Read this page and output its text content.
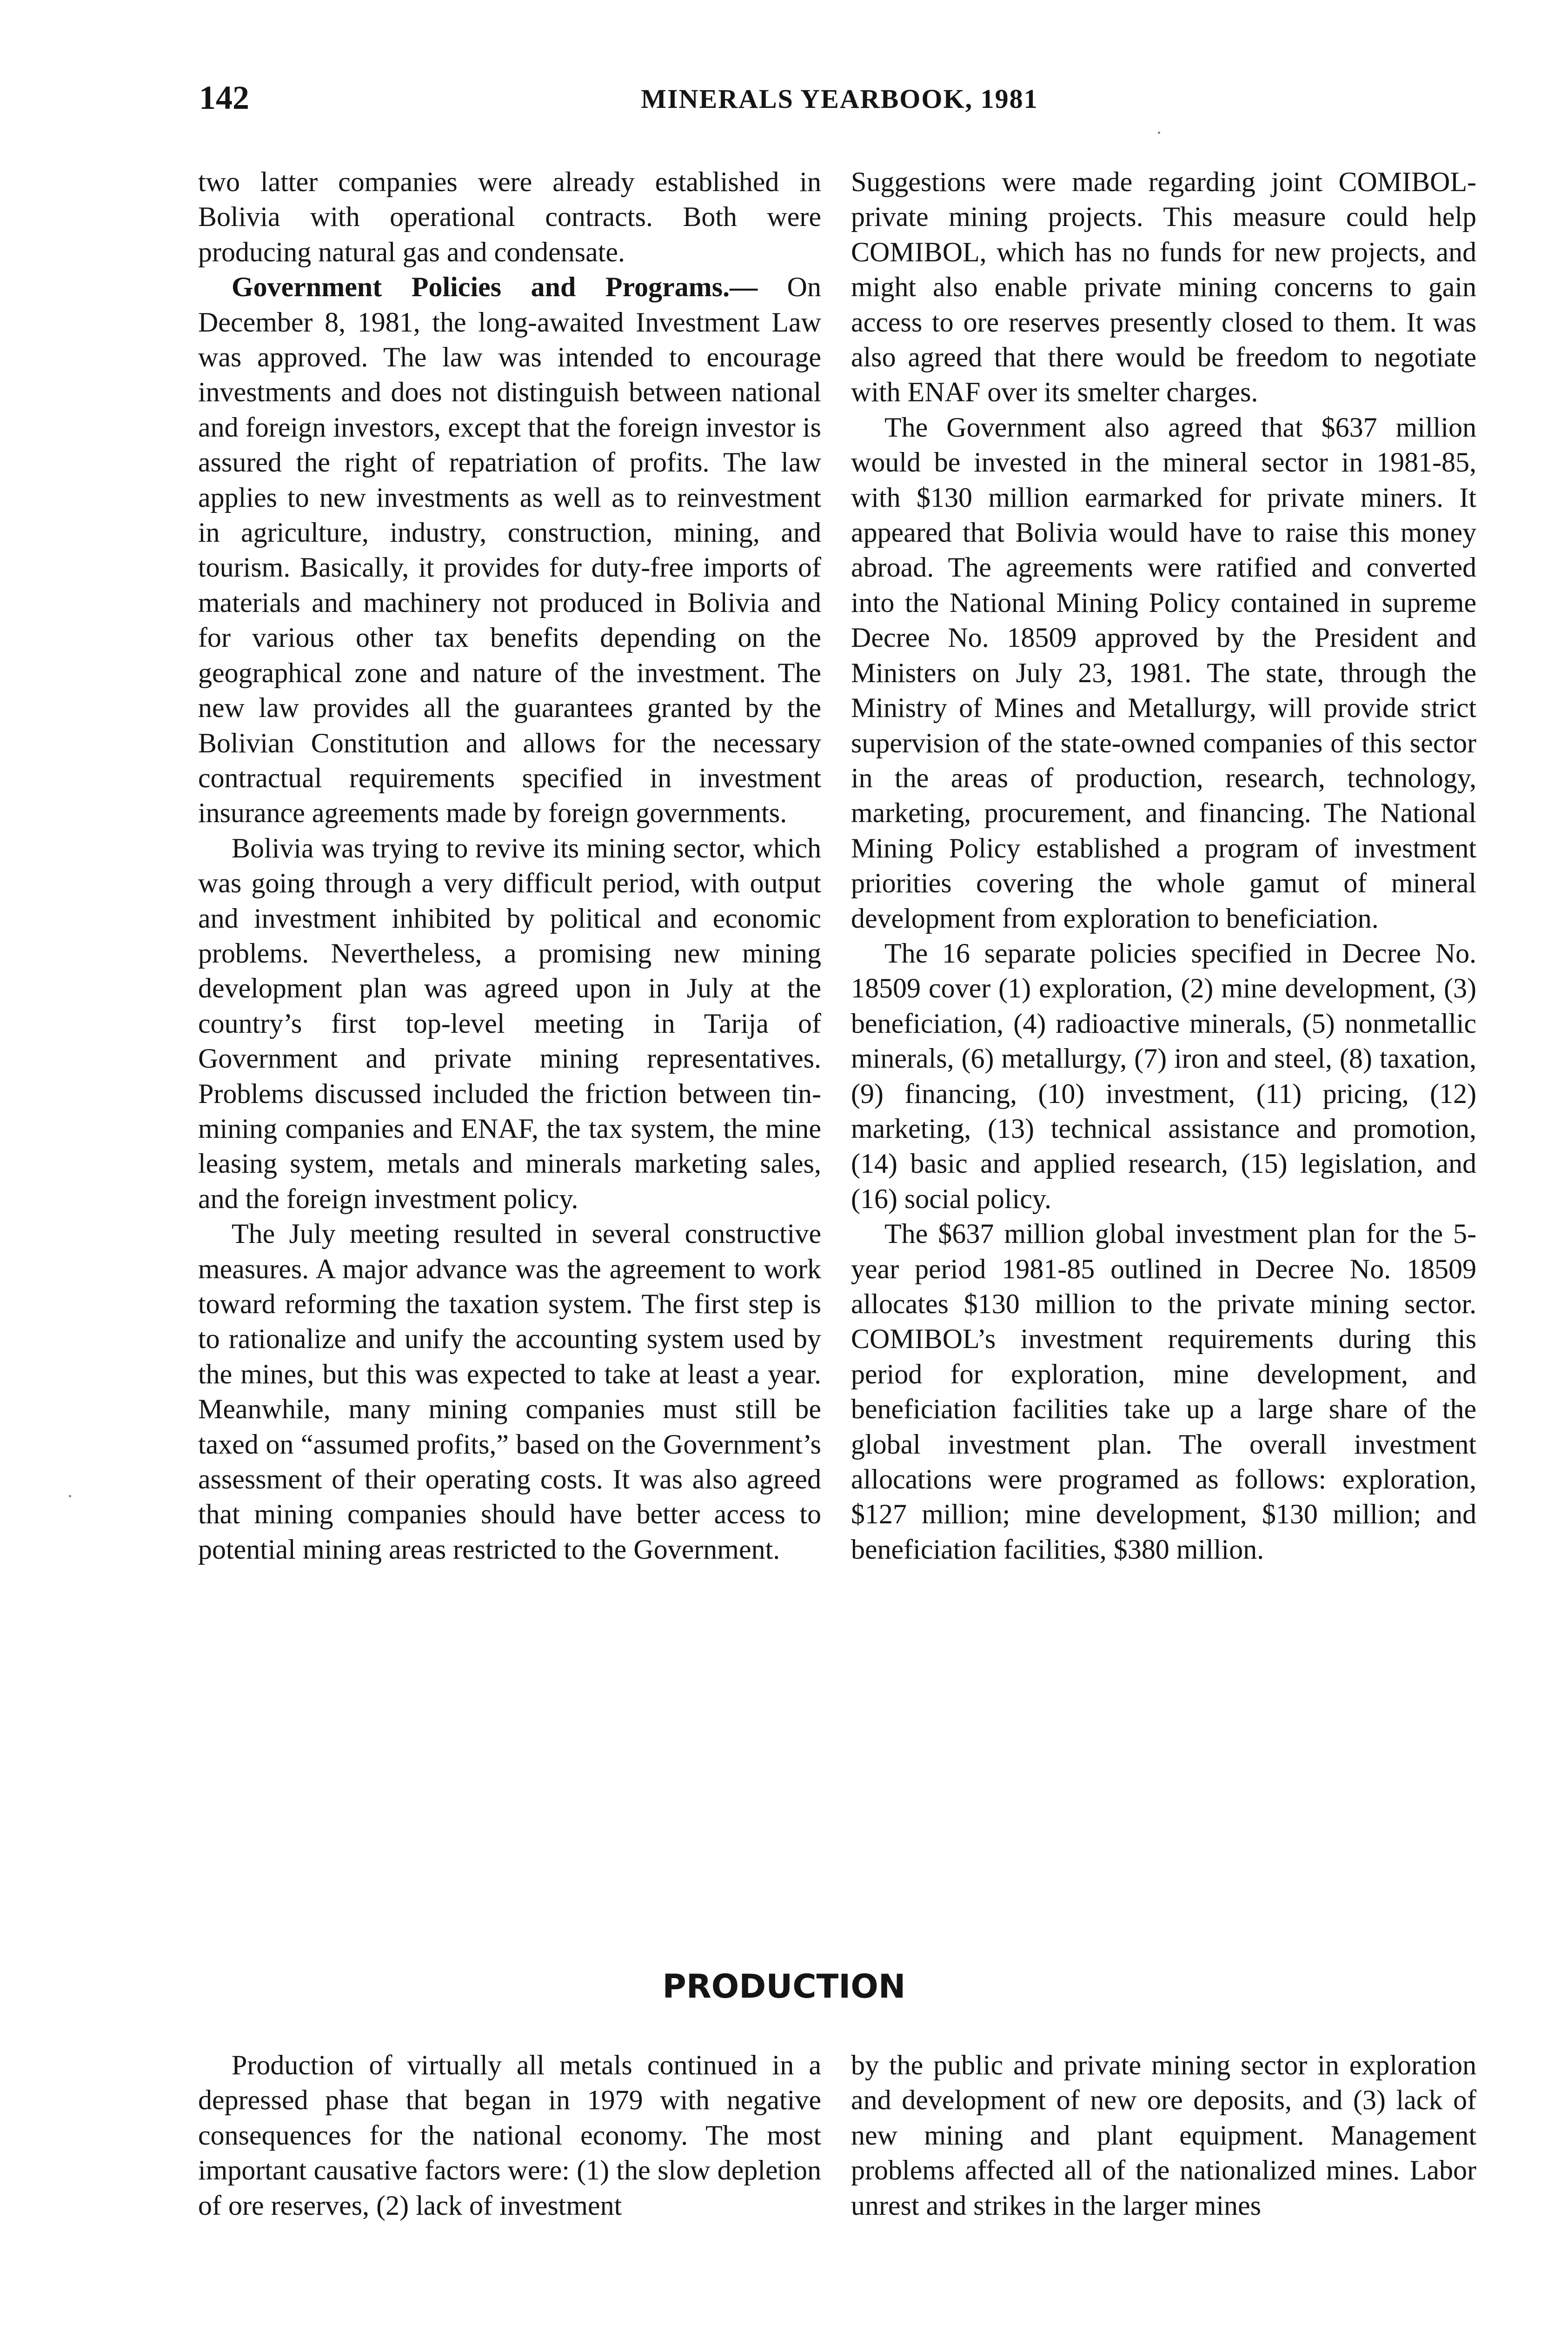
142	MINERALS YEARBOOK, 1981

two latter companies were already established in Bolivia with operational contracts. Both were producing natural gas and condensate.

Government Policies and Programs.— On December 8, 1981, the long-awaited Investment Law was approved. The law was intended to encourage investments and does not distinguish between national and foreign investors, except that the foreign investor is assured the right of repatriation of profits. The law applies to new investments as well as to reinvestment in agriculture, industry, construction, mining, and tourism. Basically, it provides for duty-free imports of materials and machinery not produced in Bolivia and for various other tax benefits depending on the geographical zone and nature of the investment. The new law provides all the guarantees granted by the Bolivian Constitution and allows for the necessary contractual requirements specified in investment insurance agreements made by foreign governments.

Bolivia was trying to revive its mining sector, which was going through a very difficult period, with output and investment inhibited by political and economic problems. Nevertheless, a promising new mining development plan was agreed upon in July at the country’s first top-level meeting in Tarija of Government and private mining representatives. Problems discussed included the friction between tin-mining companies and ENAF, the tax system, the mine leasing system, metals and minerals marketing sales, and the foreign investment policy.

The July meeting resulted in several constructive measures. A major advance was the agreement to work toward reforming the taxation system. The first step is to rationalize and unify the accounting system used by the mines, but this was expected to take at least a year. Meanwhile, many mining companies must still be taxed on “assumed profits,” based on the Government’s assessment of their operating costs. It was also agreed that mining companies should have better access to potential mining areas restricted to the Government.

Suggestions were made regarding joint COMIBOL-private mining projects. This measure could help COMIBOL, which has no funds for new projects, and might also enable private mining concerns to gain access to ore reserves presently closed to them. It was also agreed that there would be freedom to negotiate with ENAF over its smelter charges.

The Government also agreed that $637 million would be invested in the mineral sector in 1981-85, with $130 million earmarked for private miners. It appeared that Bolivia would have to raise this money abroad. The agreements were ratified and converted into the National Mining Policy contained in supreme Decree No. 18509 approved by the President and Ministers on July 23, 1981. The state, through the Ministry of Mines and Metallurgy, will provide strict supervision of the state-owned companies of this sector in the areas of production, research, technology, marketing, procurement, and financing. The National Mining Policy established a program of investment priorities covering the whole gamut of mineral development from exploration to beneficiation.

The 16 separate policies specified in Decree No. 18509 cover (1) exploration, (2) mine development, (3) beneficiation, (4) radioactive minerals, (5) nonmetallic minerals, (6) metallurgy, (7) iron and steel, (8) taxation, (9) financing, (10) investment, (11) pricing, (12) marketing, (13) technical assistance and promotion, (14) basic and applied research, (15) legislation, and (16) social policy.

The $637 million global investment plan for the 5-year period 1981-85 outlined in Decree No. 18509 allocates $130 million to the private mining sector. COMIBOL’s investment requirements during this period for exploration, mine development, and beneficiation facilities take up a large share of the global investment plan. The overall investment allocations were programed as follows: exploration, $127 million; mine development, $130 million; and beneficiation facilities, $380 million.

PRODUCTION

Production of virtually all metals continued in a depressed phase that began in 1979 with negative consequences for the national economy. The most important causative factors were: (1) the slow depletion of ore reserves, (2) lack of investment

by the public and private mining sector in exploration and development of new ore deposits, and (3) lack of new mining and plant equipment. Management problems affected all of the nationalized mines. Labor unrest and strikes in the larger mines
